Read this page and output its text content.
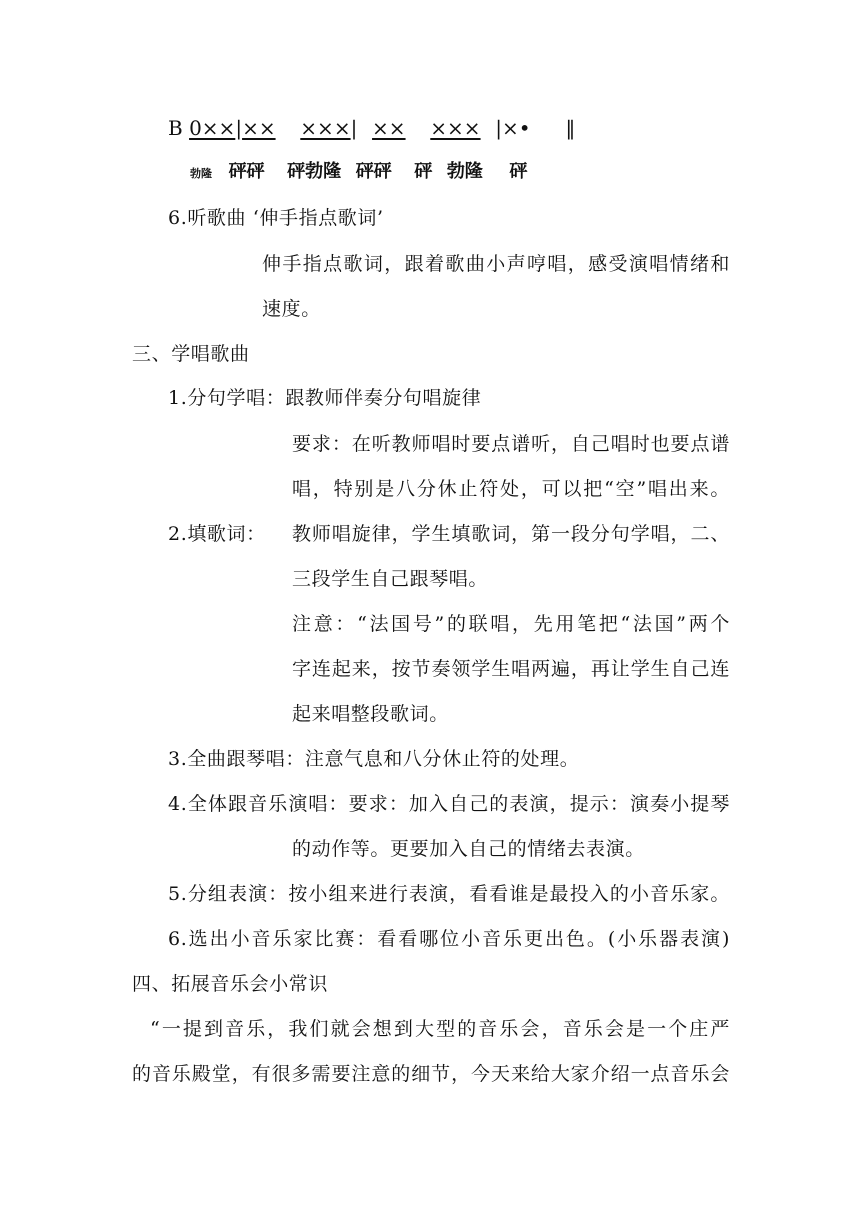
B 0××|×× ×××| ×× ××× |×• ‖
勃隆 砰砰 砰勃隆 砰砰 砰 勃隆 砰
6.听歌曲 ‘伸手指点歌词’
伸手指点歌词，跟着歌曲小声哼唱，感受演唱情绪和
速度。
三、学唱歌曲
1.分句学唱：跟教师伴奏分句唱旋律
要求：在听教师唱时要点谱听，自己唱时也要点谱
唱，特别是八分休止符处，可以把“空”唱出来。
2.填歌词： 教师唱旋律，学生填歌词，第一段分句学唱，二、
三段学生自己跟琴唱。
注意：“法国号”的联唱，先用笔把“法国”两个
字连起来，按节奏领学生唱两遍，再让学生自己连
起来唱整段歌词。
3.全曲跟琴唱：注意气息和八分休止符的处理。
4.全体跟音乐演唱：要求：加入自己的表演，提示：演奏小提琴
的动作等。更要加入自己的情绪去表演。
5.分组表演：按小组来进行表演，看看谁是最投入的小音乐家。
6.选出小音乐家比赛：看看哪位小音乐更出色。(小乐器表演)
四、拓展音乐会小常识
“一提到音乐，我们就会想到大型的音乐会，音乐会是一个庄严
的音乐殿堂，有很多需要注意的细节，今天来给大家介绍一点音乐会
